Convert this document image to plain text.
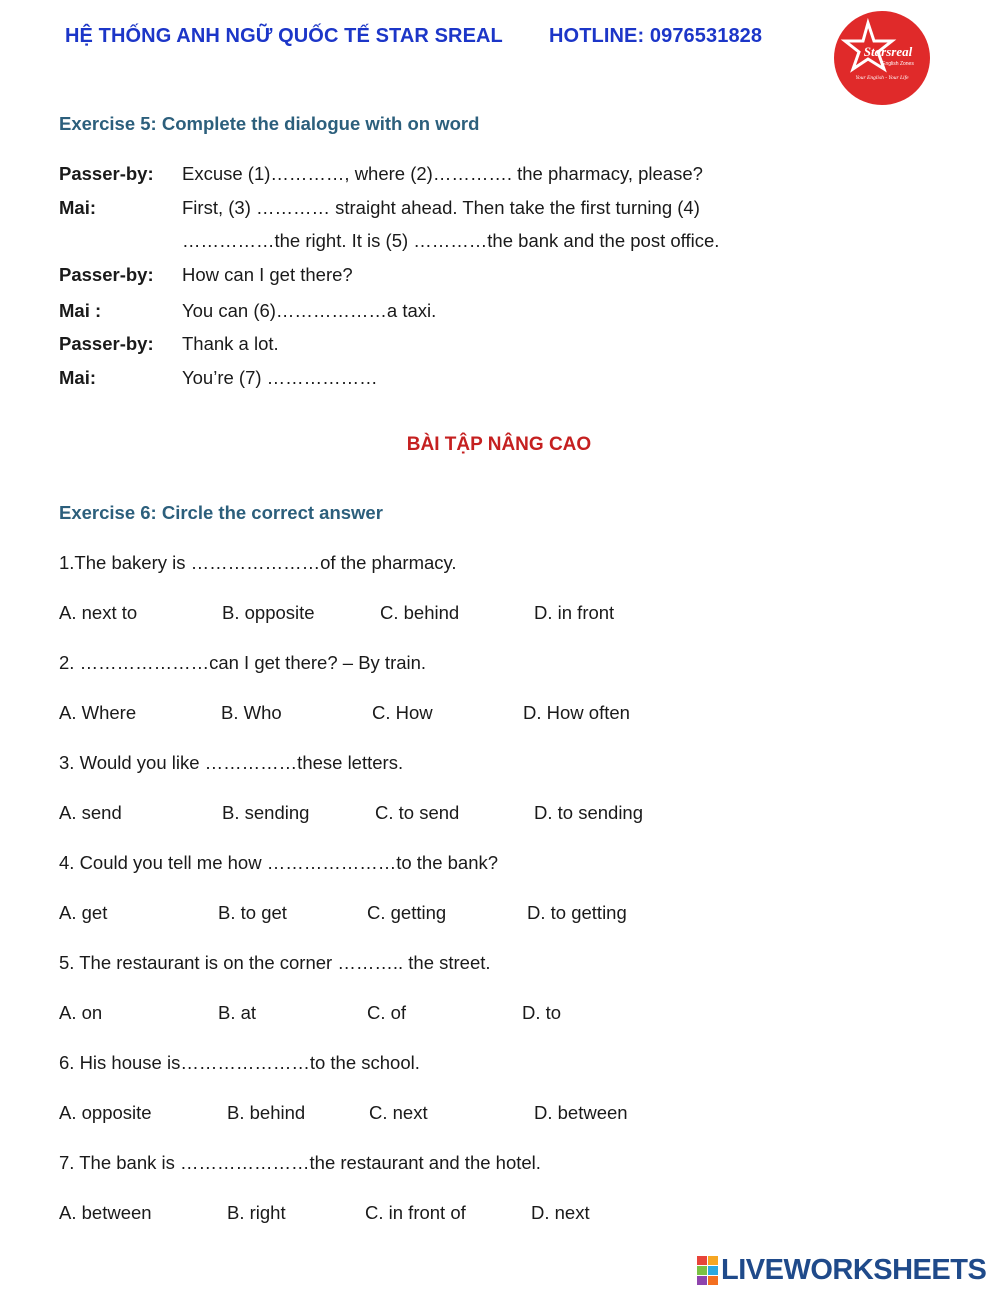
HỆ THỐNG ANH NGỮ QUỐC TẾ STAR SREAL HOTLINE: 0976531828
Starsreal
English Zones
Your English - Your Life
Exercise 5: Complete the dialogue with on word
Passer-by: Excuse (1)…………, where (2)…………. the pharmacy, please?
Mai:	First, (3) ………… straight ahead. Then take the first turning (4)
……………the right. It is (5) …………the bank and the post office.
Passer-by: How can I get there?
Mai :	You can (6)………………a taxi.
Passer-by: Thank a lot.
Mai:	You’re (7) ………………
BÀI TẬP NÂNG CAO
Exercise 6: Circle the correct answer
1.The bakery is …………………of the pharmacy.
A. next to	B. opposite	C. behind	D. in front
2. …………………can I get there? – By train.
A. Where	B. Who	C. How	D. How often
3. Would you like ……………these letters.
A. send	B. sending	C. to send	D. to sending
4. Could you tell me how …………………to the bank?
A. get	B. to get	C. getting	D. to getting
5. The restaurant is on the corner ……….. the street.
A. on	B. at	C. of	D. to
6. His house is…………………to the school.
A. opposite	B. behind	C. next	D. between
7. The bank is …………………the restaurant and the hotel.
A. between	B. right	C. in front of	D. next
LIVEWORKSHEETS
